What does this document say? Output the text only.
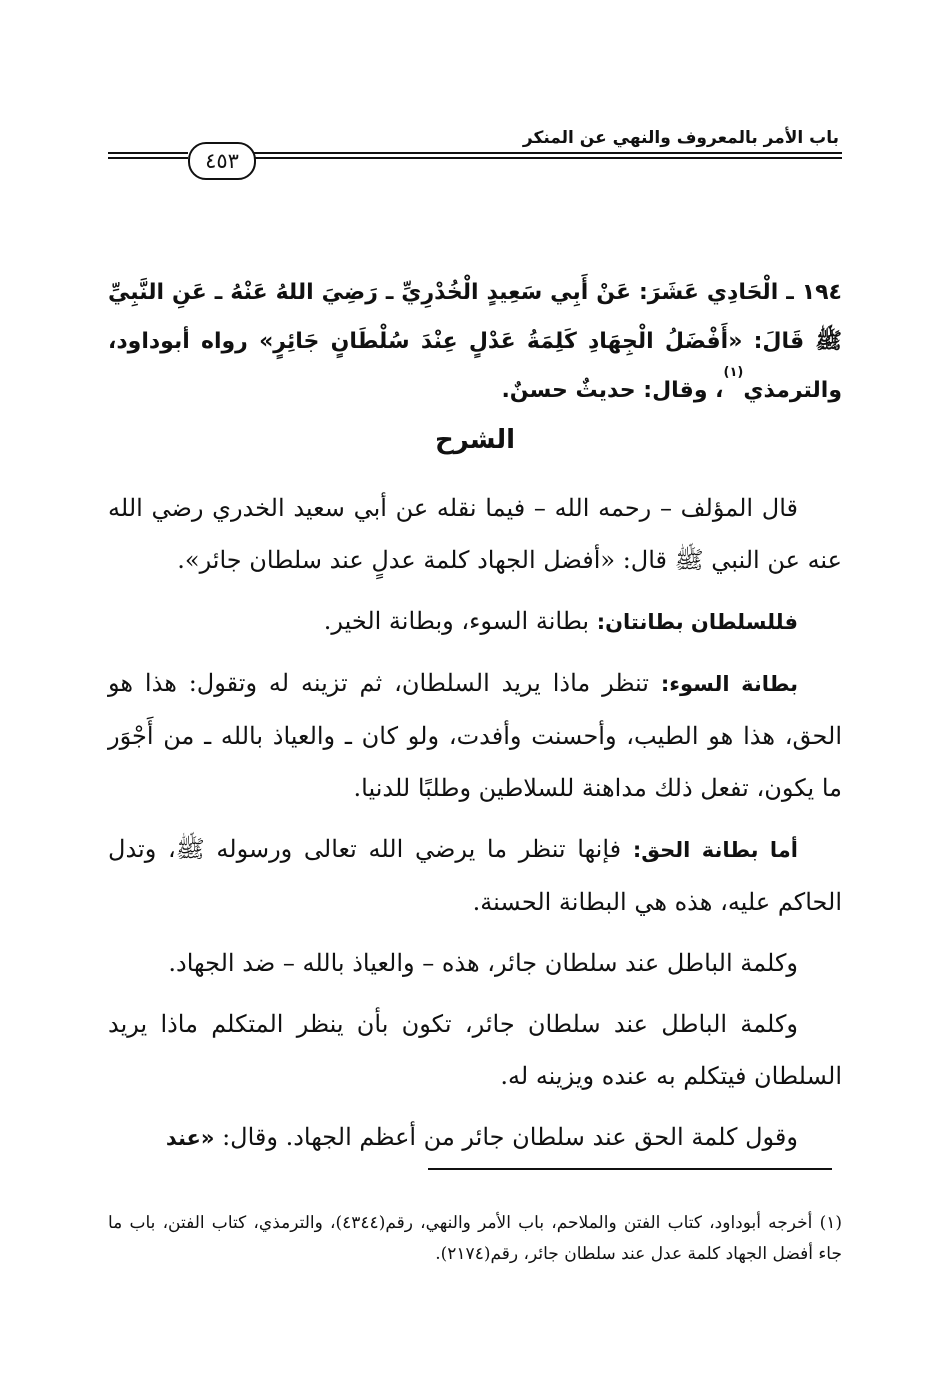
باب الأمر بالمعروف والنهي عن المنكر
٤٥٣
١٩٤ ـ الْحَادِي عَشَرَ: عَنْ أَبِي سَعِيدٍ الْخُدْرِيِّ ـ رَضِيَ اللهُ عَنْهُ ـ عَنِ النَّبِيِّ ﷺ قَالَ: «أَفْضَلُ الْجِهَادِ كَلِمَةُ عَدْلٍ عِنْدَ سُلْطَانٍ جَائِرٍ» رواه أبوداود، والترمذي$^{(١)}$، وقال: حديثٌ حسنٌ.
الشرح

قال المؤلف – رحمه الله – فيما نقله عن أبي سعيد الخدري رضي الله عنه عن النبي ﷺ قال: «أفضل الجهاد كلمة عدلٍ عند سلطان جائر».

فللسلطان بطانتان: بطانة السوء، وبطانة الخير.

بطانة السوء: تنظر ماذا يريد السلطان، ثم تزينه له وتقول: هذا هو الحق، هذا هو الطيب، وأحسنت وأفدت، ولو كان ـ والعياذ بالله ـ من أَجْوَر ما يكون، تفعل ذلك مداهنة للسلاطين وطلبًا للدنيا.

أما بطانة الحق: فإنها تنظر ما يرضي الله تعالى ورسوله ﷺ، وتدل الحاكم عليه، هذه هي البطانة الحسنة.

وكلمة الباطل عند سلطان جائر، هذه – والعياذ بالله – ضد الجهاد.

وكلمة الباطل عند سلطان جائر، تكون بأن ينظر المتكلم ماذا يريد السلطان فيتكلم به عنده ويزينه له.

وقول كلمة الحق عند سلطان جائر من أعظم الجهاد. وقال: «عند

(١) أخرجه أبوداود، كتاب الفتن والملاحم، باب الأمر والنهي، رقم(٤٣٤٤)، والترمذي، كتاب الفتن، باب ما جاء أفضل الجهاد كلمة عدل عند سلطان جائر، رقم(٢١٧٤).
